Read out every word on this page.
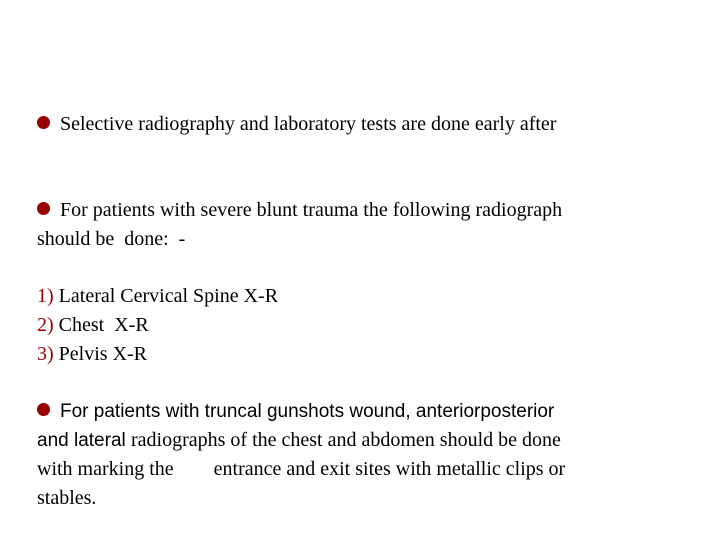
Selective radiography and laboratory tests are done early after

For patients with severe blunt trauma the following radiograph

should be  done:  -

1) Lateral Cervical Spine X-R

2) Chest  X-R

3) Pelvis X-R

For patients with truncal gunshots wound, anteriorposterior

and lateral radiographs of the chest and abdomen should be done

with marking the        entrance and exit sites with metallic clips or

stables.
